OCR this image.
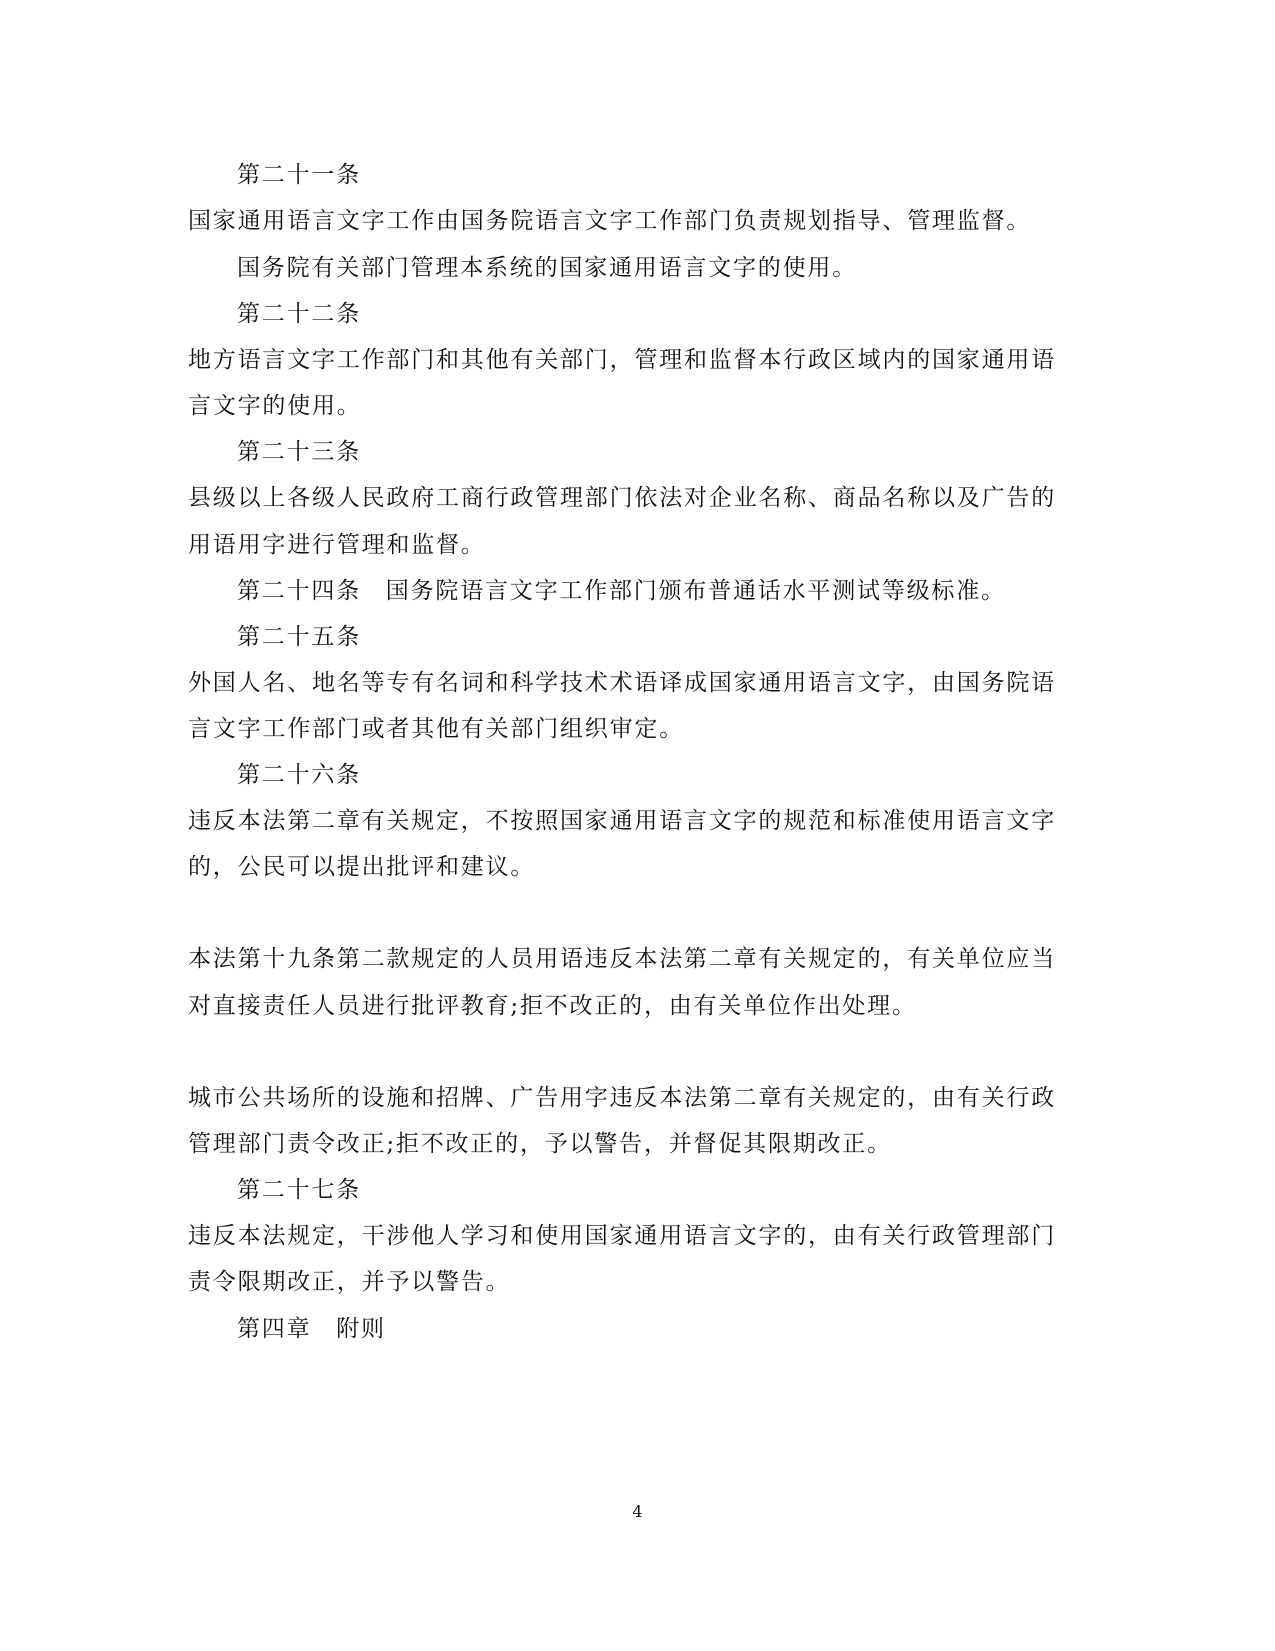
第二十一条
国家通用语言文字工作由国务院语言文字工作部门负责规划指导、管理监督。
国务院有关部门管理本系统的国家通用语言文字的使用。
第二十二条
地方语言文字工作部门和其他有关部门，管理和监督本行政区域内的国家通用语
言文字的使用。
第二十三条
县级以上各级人民政府工商行政管理部门依法对企业名称、商品名称以及广告的
用语用字进行管理和监督。
第二十四条　国务院语言文字工作部门颁布普通话水平测试等级标准。
第二十五条
外国人名、地名等专有名词和科学技术术语译成国家通用语言文字，由国务院语
言文字工作部门或者其他有关部门组织审定。
第二十六条
违反本法第二章有关规定，不按照国家通用语言文字的规范和标准使用语言文字
的，公民可以提出批评和建议。
本法第十九条第二款规定的人员用语违反本法第二章有关规定的，有关单位应当
对直接责任人员进行批评教育;拒不改正的，由有关单位作出处理。
城市公共场所的设施和招牌、广告用字违反本法第二章有关规定的，由有关行政
管理部门责令改正;拒不改正的，予以警告，并督促其限期改正。
第二十七条
违反本法规定，干涉他人学习和使用国家通用语言文字的，由有关行政管理部门
责令限期改正，并予以警告。
第四章　附则
4
